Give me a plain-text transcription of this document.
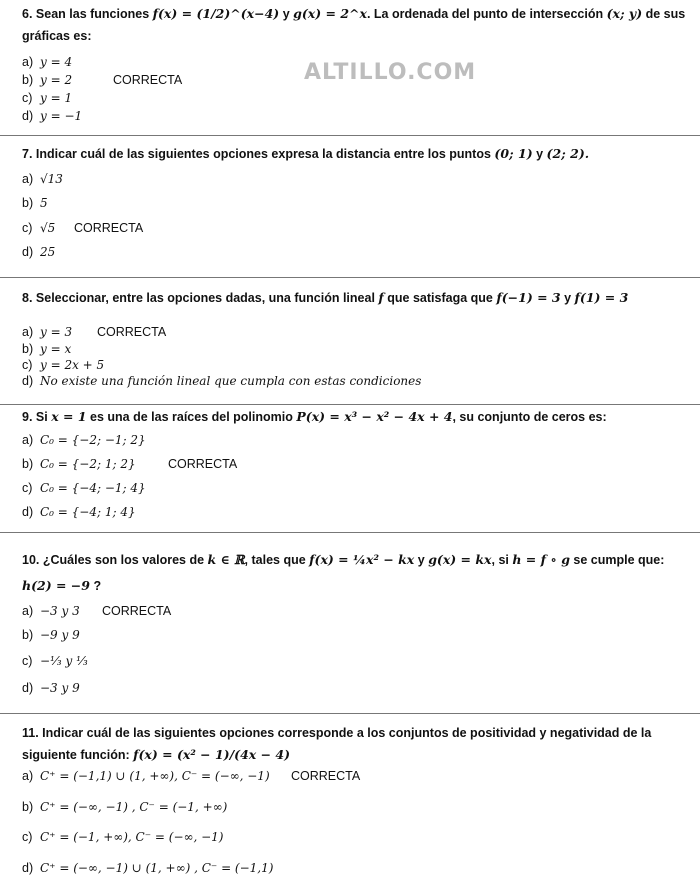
ALTILLO.COM
6. Sean las funciones f(x) = (1/2)^(x−4) y g(x) = 2^x. La ordenada del punto de intersección (x; y) de sus gráficas es:
a) y = 4
b) y = 2	CORRECTA
c) y = 1
d) y = −1
7. Indicar cuál de las siguientes opciones expresa la distancia entre los puntos (0; 1) y (2; 2).
a) √13
b) 5
c) √5 CORRECTA
d) 25
8. Seleccionar, entre las opciones dadas, una función lineal f que satisfaga que f(−1) = 3 y f(1) = 3
a) y = 3 CORRECTA
b) y = x
c) y = 2x + 5
d) No existe una función lineal que cumpla con estas condiciones
9. Si x = 1 es una de las raíces del polinomio P(x) = x³ − x² − 4x + 4, su conjunto de ceros es:
a) C₀ = {−2; −1; 2}
b) C₀ = {−2; 1; 2}	CORRECTA
c) C₀ = {−4; −1; 4}
d) C₀ = {−4; 1; 4}
10. ¿Cuáles son los valores de k ∈ ℝ, tales que f(x) = ¼x² − kx y g(x) = kx, si h = f ∘ g se cumple que: h(2) = −9 ?
a) −3 y 3 CORRECTA
b) −9 y 9
c) −⅓ y ⅓
d) −3 y 9
11. Indicar cuál de las siguientes opciones corresponde a los conjuntos de positividad y negatividad de la siguiente función: f(x) = (x² − 1)/(4x − 4)
a) C⁺ = (−1,1) ∪ (1, +∞), C⁻ = (−∞, −1) CORRECTA
b) C⁺ = (−∞, −1) , C⁻ = (−1, +∞)
c) C⁺ = (−1, +∞), C⁻ = (−∞, −1)
d) C⁺ = (−∞, −1) ∪ (1, +∞) , C⁻ = (−1,1)
